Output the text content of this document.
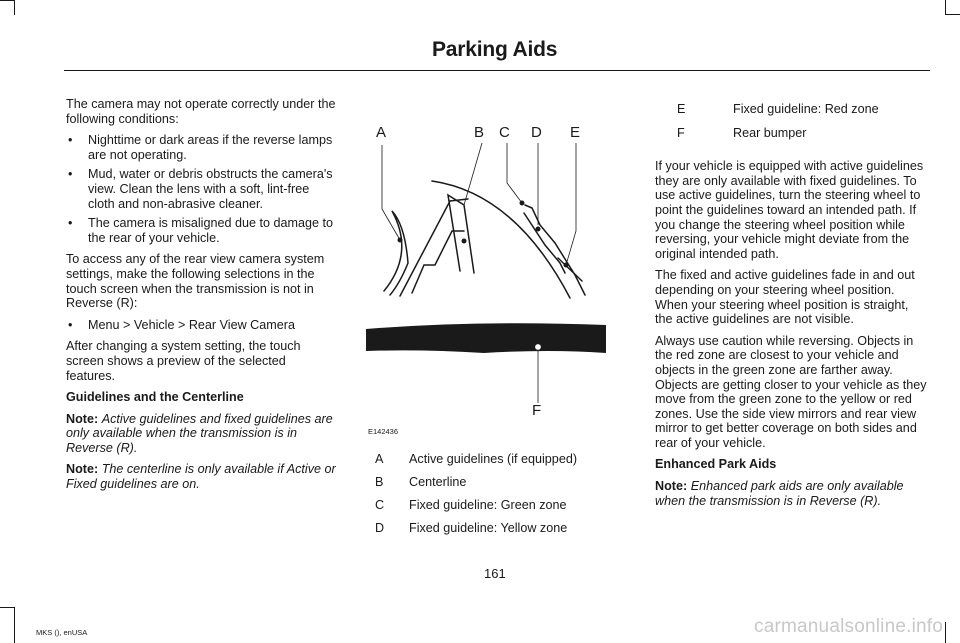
Parking Aids

The camera may not operate correctly under the following conditions:

• Nighttime or dark areas if the reverse lamps are not operating.
• Mud, water or debris obstructs the camera's view. Clean the lens with a soft, lint-free cloth and non-abrasive cleaner.
• The camera is misaligned due to damage to the rear of your vehicle.

To access any of the rear view camera system settings, make the following selections in the touch screen when the transmission is not in Reverse (R):

• Menu > Vehicle > Rear View Camera

After changing a system setting, the touch screen shows a preview of the selected features.

Guidelines and the Centerline

Note: Active guidelines and fixed guidelines are only available when the transmission is in Reverse (R).

Note: The centerline is only available if Active or Fixed guidelines are on.

A	B C D E
F
E142436
A	Active guidelines (if equipped)
B	Centerline
C	Fixed guideline: Green zone
D	Fixed guideline: Yellow zone
E	Fixed guideline: Red zone
F	Rear bumper

If your vehicle is equipped with active guidelines they are only available with fixed guidelines. To use active guidelines, turn the steering wheel to point the guidelines toward an intended path. If you change the steering wheel position while reversing, your vehicle might deviate from the original intended path.

The fixed and active guidelines fade in and out depending on your steering wheel position. When your steering wheel position is straight, the active guidelines are not visible.

Always use caution while reversing. Objects in the red zone are closest to your vehicle and objects in the green zone are farther away. Objects are getting closer to your vehicle as they move from the green zone to the yellow or red zones. Use the side view mirrors and rear view mirror to get better coverage on both sides and rear of your vehicle.

Enhanced Park Aids

Note: Enhanced park aids are only available when the transmission is in Reverse (R).

161
MKS (), enUSA	carmanualsonline.info
